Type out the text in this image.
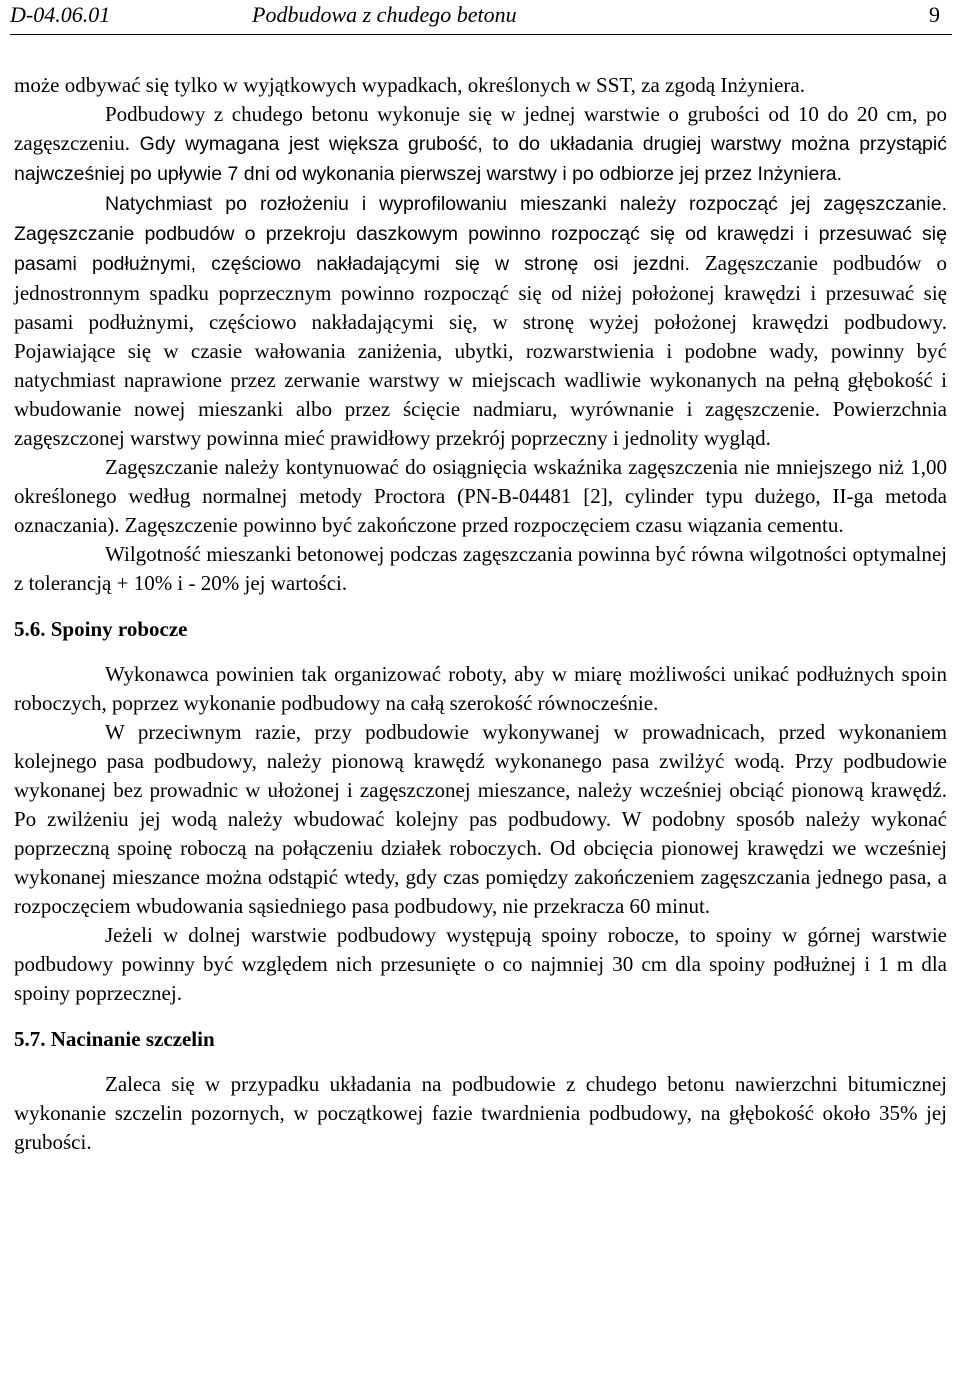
D-04.06.01	Podbudowa z chudego betonu	9

może odbywać się tylko w wyjątkowych wypadkach, określonych w SST, za zgodą Inżyniera.

Podbudowy z chudego betonu wykonuje się w jednej warstwie o grubości od 10 do 20 cm, po zagęszczeniu. Gdy wymagana jest większa grubość, to do układania drugiej warstwy można przystąpić najwcześniej po upływie 7 dni od wykonania pierwszej warstwy i po odbiorze jej przez Inżyniera.

Natychmiast po rozłożeniu i wyprofilowaniu mieszanki należy rozpocząć jej zagęszczanie. Zagęszczanie podbudów o przekroju daszkowym powinno rozpocząć się od krawędzi i przesuwać się pasami podłużnymi, częściowo nakładającymi się w stronę osi jezdni. Zagęszczanie podbudów o jednostronnym spadku poprzecznym powinno rozpocząć się od niżej położonej krawędzi i przesuwać się pasami podłużnymi, częściowo nakładającymi się, w stronę wyżej położonej krawędzi podbudowy. Pojawiające się w czasie wałowania zaniżenia, ubytki, rozwarstwienia i podobne wady, powinny być natychmiast naprawione przez zerwanie warstwy w miejscach wadliwie wykonanych na pełną głębokość i wbudowanie nowej mieszanki albo przez ścięcie nadmiaru, wyrównanie i zagęszczenie. Powierzchnia zagęszczonej warstwy powinna mieć prawidłowy przekrój poprzeczny i jednolity wygląd.

Zagęszczanie należy kontynuować do osiągnięcia wskaźnika zagęszczenia nie mniejszego niż 1,00 określonego według normalnej metody Proctora (PN-B-04481 [2], cylinder typu dużego, II-ga metoda oznaczania). Zagęszczenie powinno być zakończone przed rozpoczęciem czasu wiązania cementu.

Wilgotność mieszanki betonowej podczas zagęszczania powinna być równa wilgotności optymalnej z tolerancją + 10% i - 20% jej wartości.

5.6. Spoiny robocze

Wykonawca powinien tak organizować roboty, aby w miarę możliwości unikać podłużnych spoin roboczych, poprzez wykonanie podbudowy na całą szerokość równocześnie.

W przeciwnym razie, przy podbudowie wykonywanej w prowadnicach, przed wykonaniem kolejnego pasa podbudowy, należy pionową krawędź wykonanego pasa zwilżyć wodą. Przy podbudowie wykonanej bez prowadnic w ułożonej i zagęszczonej mieszance, należy wcześniej obciąć pionową krawędź. Po zwilżeniu jej wodą należy wbudować kolejny pas podbudowy. W podobny sposób należy wykonać poprzeczną spoinę roboczą na połączeniu działek roboczych. Od obcięcia pionowej krawędzi we wcześniej wykonanej mieszance można odstąpić wtedy, gdy czas pomiędzy zakończeniem zagęszczania jednego pasa, a rozpoczęciem wbudowania sąsiedniego pasa podbudowy, nie przekracza 60 minut.

Jeżeli w dolnej warstwie podbudowy występują spoiny robocze, to spoiny w górnej warstwie podbudowy powinny być względem nich przesunięte o co najmniej 30 cm dla spoiny podłużnej i 1 m dla spoiny poprzecznej.

5.7. Nacinanie szczelin

Zaleca się w przypadku układania na podbudowie z chudego betonu nawierzchni bitumicznej wykonanie szczelin pozornych, w początkowej fazie twardnienia podbudowy, na głębokość około 35% jej grubości.
